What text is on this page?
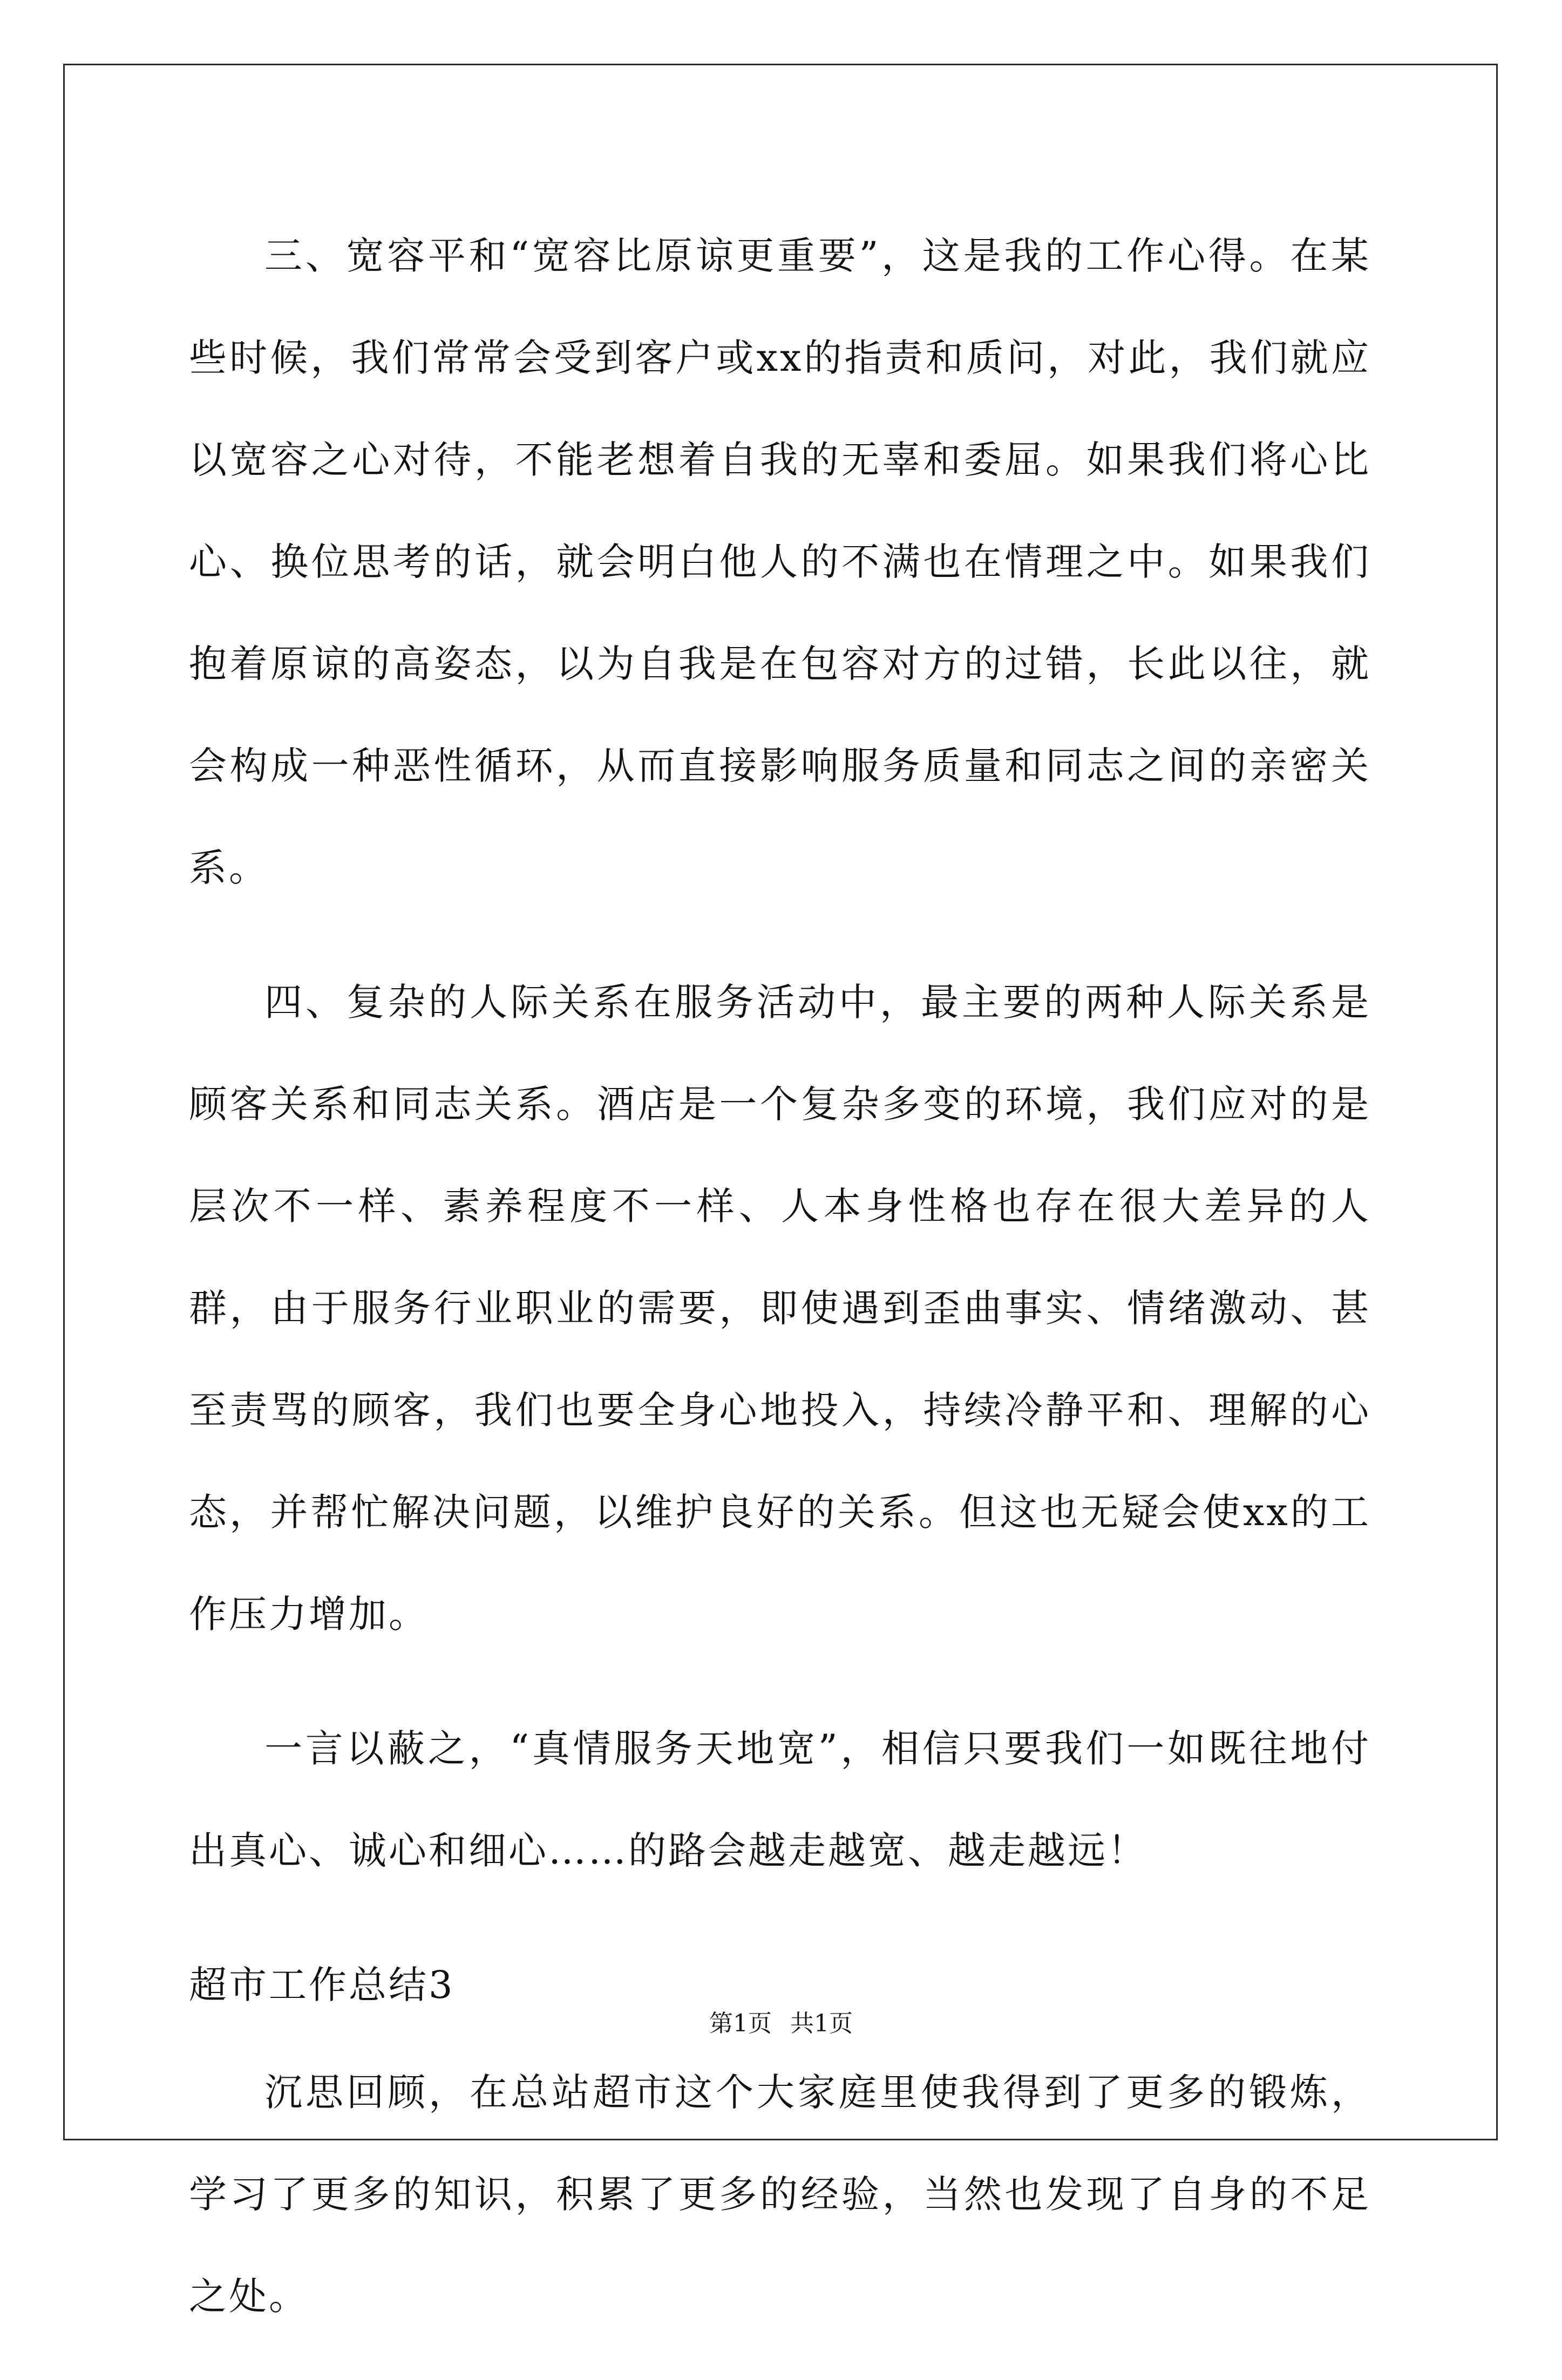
三、宽容平和“宽容比原谅更重要”，这是我的工作心得。在某些时候，我们常常会受到客户或xx的指责和质问，对此，我们就应以宽容之心对待，不能老想着自我的无辜和委屈。如果我们将心比心、换位思考的话，就会明白他人的不满也在情理之中。如果我们抱着原谅的高姿态，以为自我是在包容对方的过错，长此以往，就会构成一种恶性循环，从而直接影响服务质量和同志之间的亲密关系。

四、复杂的人际关系在服务活动中，最主要的两种人际关系是顾客关系和同志关系。酒店是一个复杂多变的环境，我们应对的是层次不一样、素养程度不一样、人本身性格也存在很大差异的人群，由于服务行业职业的需要，即使遇到歪曲事实、情绪激动、甚至责骂的顾客，我们也要全身心地投入，持续冷静平和、理解的心态，并帮忙解决问题，以维护良好的关系。但这也无疑会使xx的工作压力增加。

一言以蔽之，“真情服务天地宽”，相信只要我们一如既往地付出真心、诚心和细心……的路会越走越宽、越走越远！

超市工作总结3

沉思回顾，在总站超市这个大家庭里使我得到了更多的锻炼，学习了更多的知识，积累了更多的经验，当然也发现了自身的不足之处。

第1页 共1页
